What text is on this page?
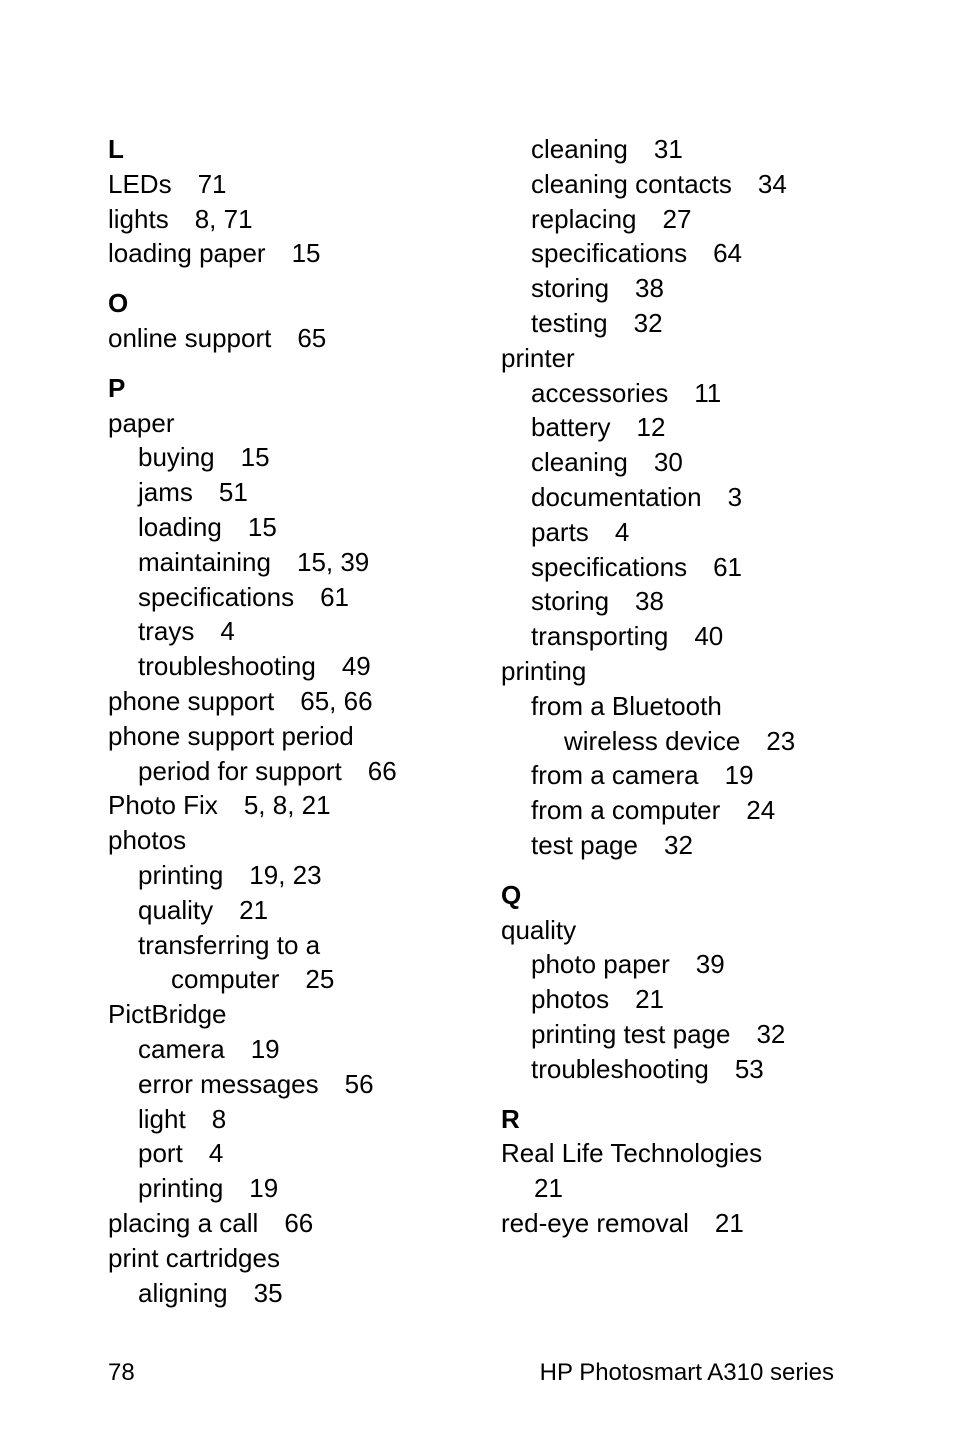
L
LEDs 71
lights 8, 71
loading paper 15
O
online support 65
P
paper
buying 15
jams 51
loading 15
maintaining 15, 39
specifications 61
trays 4
troubleshooting 49
phone support 65, 66
phone support period
period for support 66
Photo Fix 5, 8, 21
photos
printing 19, 23
quality 21
transferring to a
computer 25
PictBridge
camera 19
error messages 56
light 8
port 4
printing 19
placing a call 66
print cartridges
aligning 35
cleaning 31
cleaning contacts 34
replacing 27
specifications 64
storing 38
testing 32
printer
accessories 11
battery 12
cleaning 30
documentation 3
parts 4
specifications 61
storing 38
transporting 40
printing
from a Bluetooth
wireless device 23
from a camera 19
from a computer 24
test page 32
Q
quality
photo paper 39
photos 21
printing test page 32
troubleshooting 53
R
Real Life Technologies
21
red-eye removal 21
78	HP Photosmart A310 series
